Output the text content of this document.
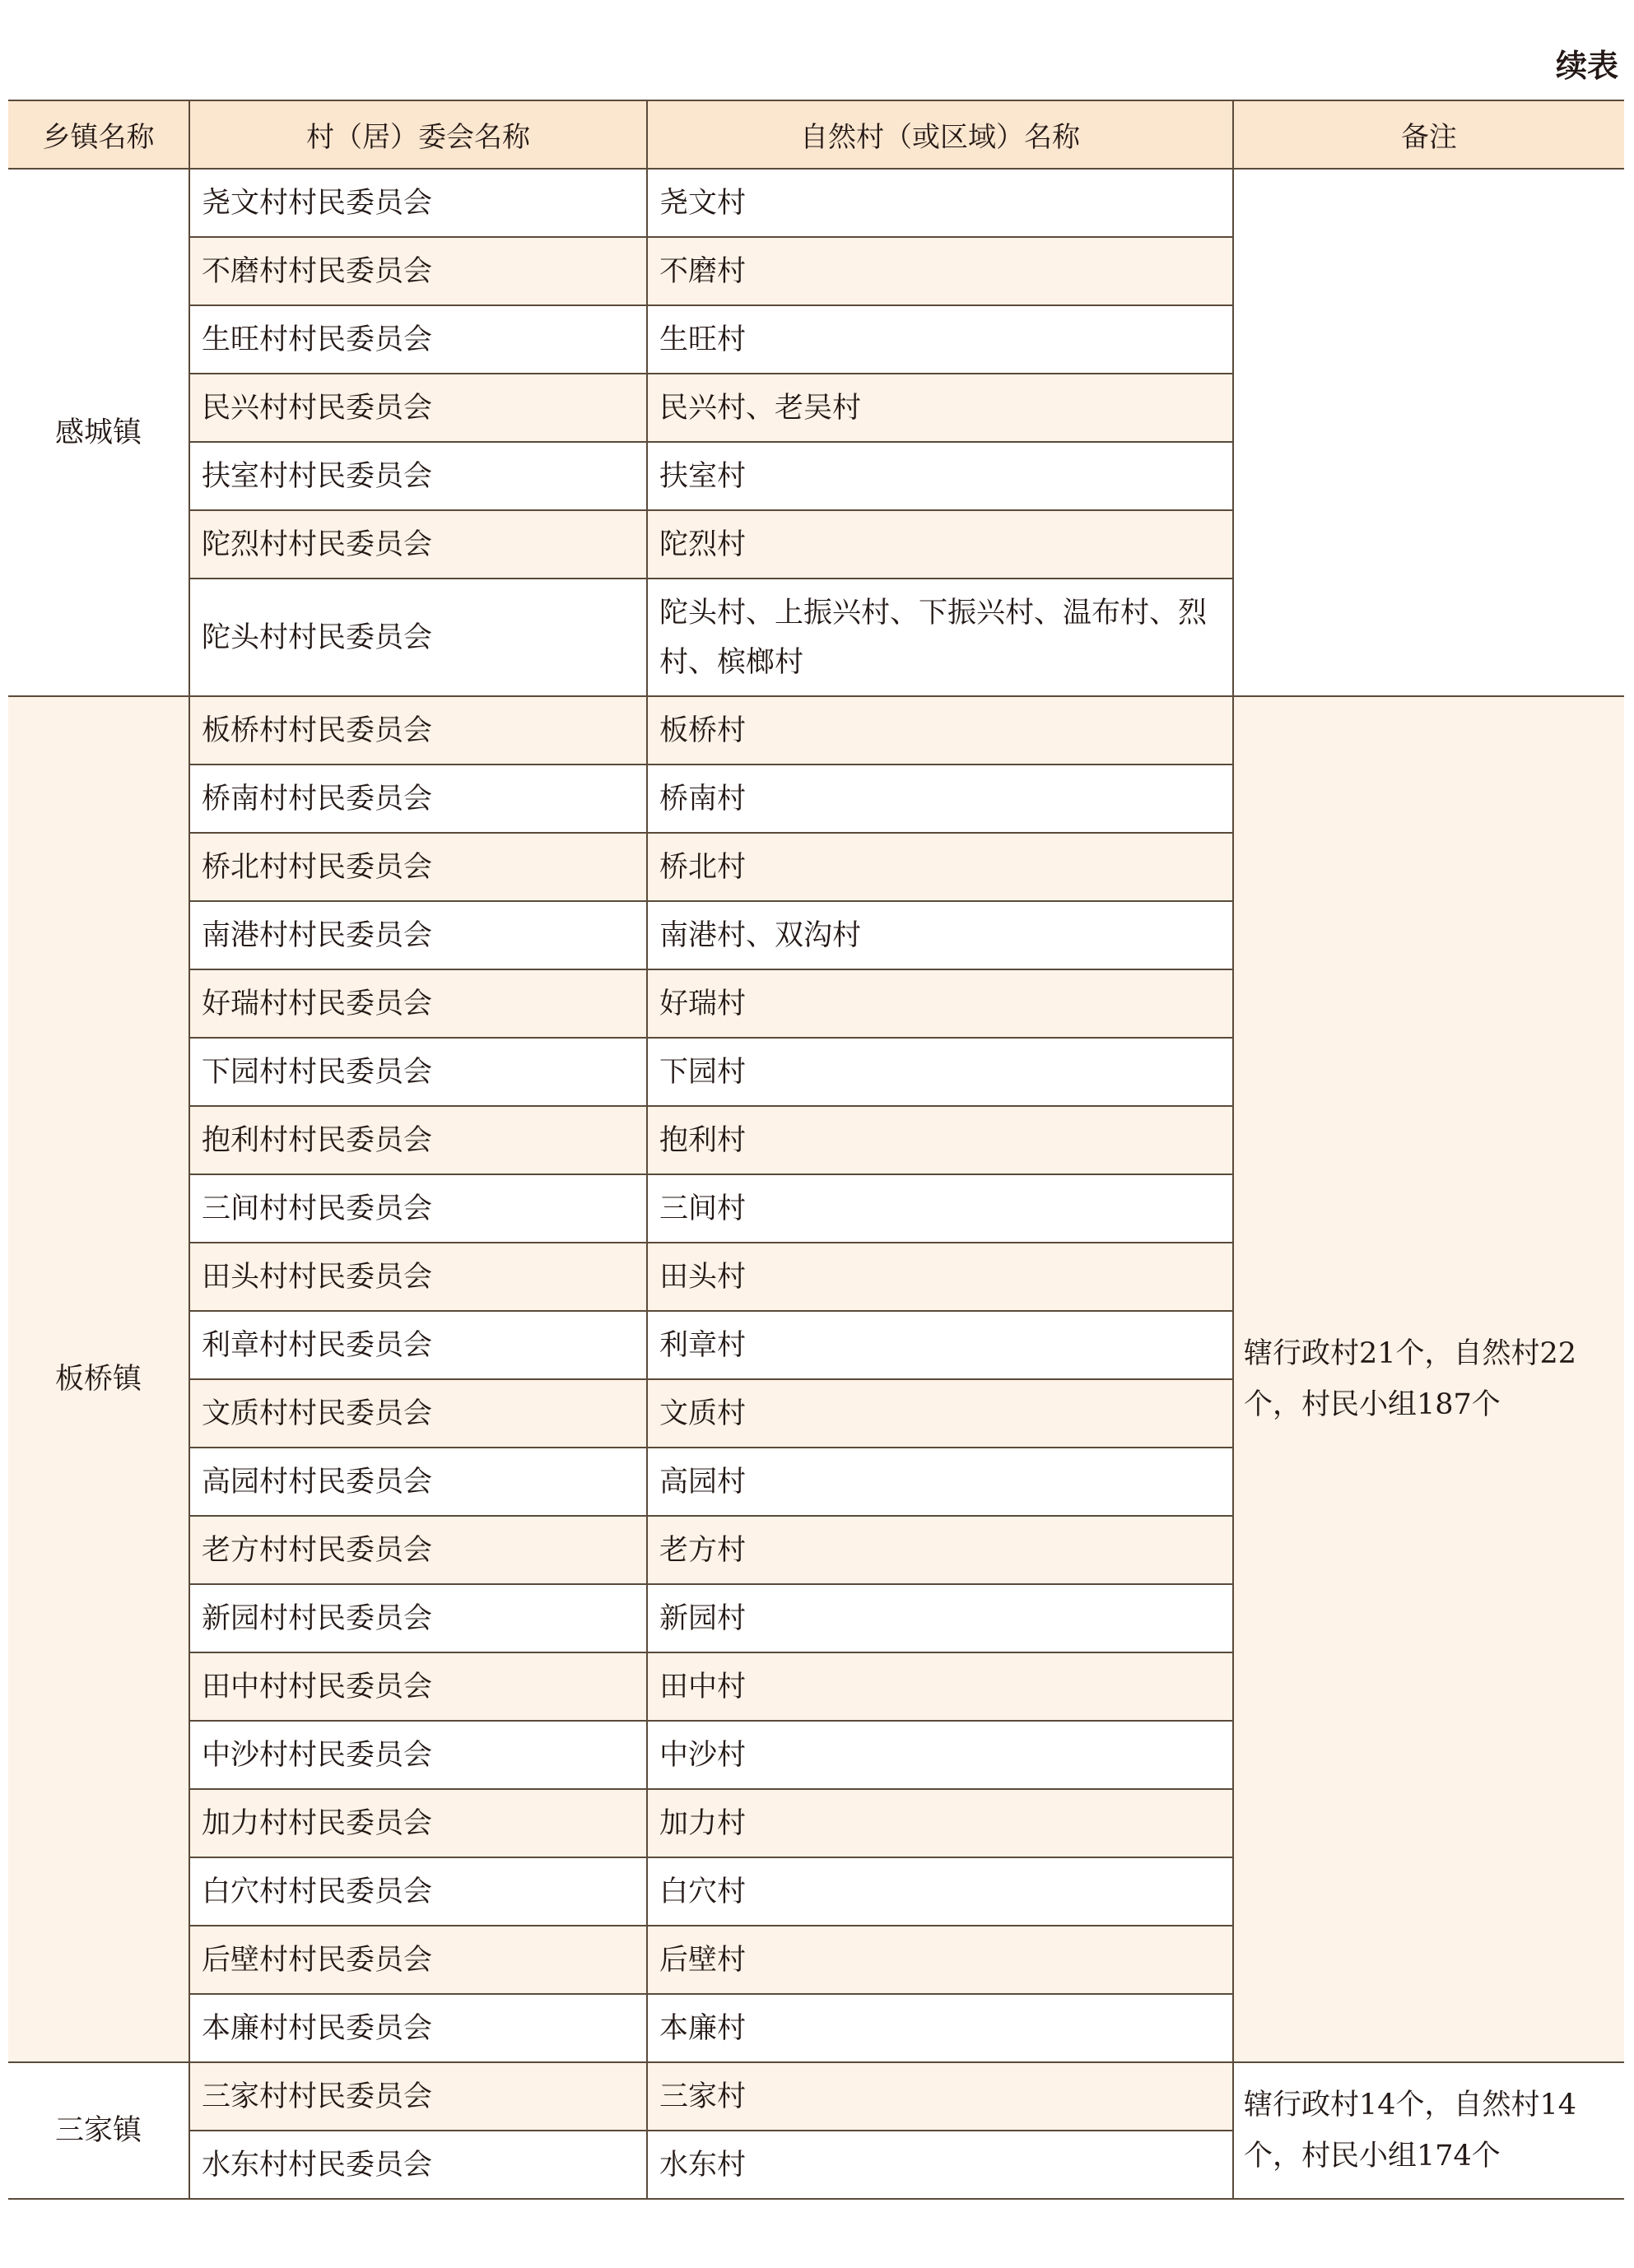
续表
乡镇名称	村（居）委会名称	自然村（或区域）名称	备注
感城镇	尧文村村民委员会	尧文村	
	不磨村村民委员会	不磨村	
	生旺村村民委员会	生旺村	
	民兴村村民委员会	民兴村、老吴村	
	扶室村村民委员会	扶室村	
	陀烈村村民委员会	陀烈村	
	陀头村村民委员会	陀头村、上振兴村、下振兴村、温布村、烈村、槟榔村	
板桥镇	板桥村村民委员会	板桥村	辖行政村21个，自然村22个，村民小组187个
	桥南村村民委员会	桥南村	
	桥北村村民委员会	桥北村	
	南港村村民委员会	南港村、双沟村	
	好瑞村村民委员会	好瑞村	
	下园村村民委员会	下园村	
	抱利村村民委员会	抱利村	
	三间村村民委员会	三间村	
	田头村村民委员会	田头村	
	利章村村民委员会	利章村	
	文质村村民委员会	文质村	
	高园村村民委员会	高园村	
	老方村村民委员会	老方村	
	新园村村民委员会	新园村	
	田中村村民委员会	田中村	
	中沙村村民委员会	中沙村	
	加力村村民委员会	加力村	
	白穴村村民委员会	白穴村	
	后壁村村民委员会	后壁村	
	本廉村村民委员会	本廉村	
三家镇	三家村村民委员会	三家村	辖行政村14个，自然村14个，村民小组174个
	水东村村民委员会	水东村	
